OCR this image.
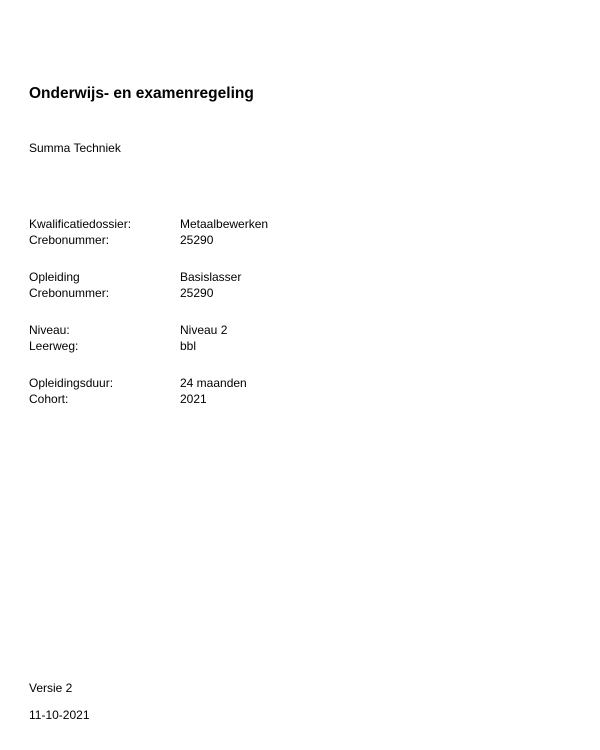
Onderwijs- en examenregeling
Summa Techniek
Kwalificatiedossier:	Metaalbewerken
Crebonummer:	25290
Opleiding	Basislasser
Crebonummer:	25290
Niveau:	Niveau 2
Leerweg:	bbl
Opleidingsduur:	24 maanden
Cohort:	2021
Versie 2
11-10-2021
